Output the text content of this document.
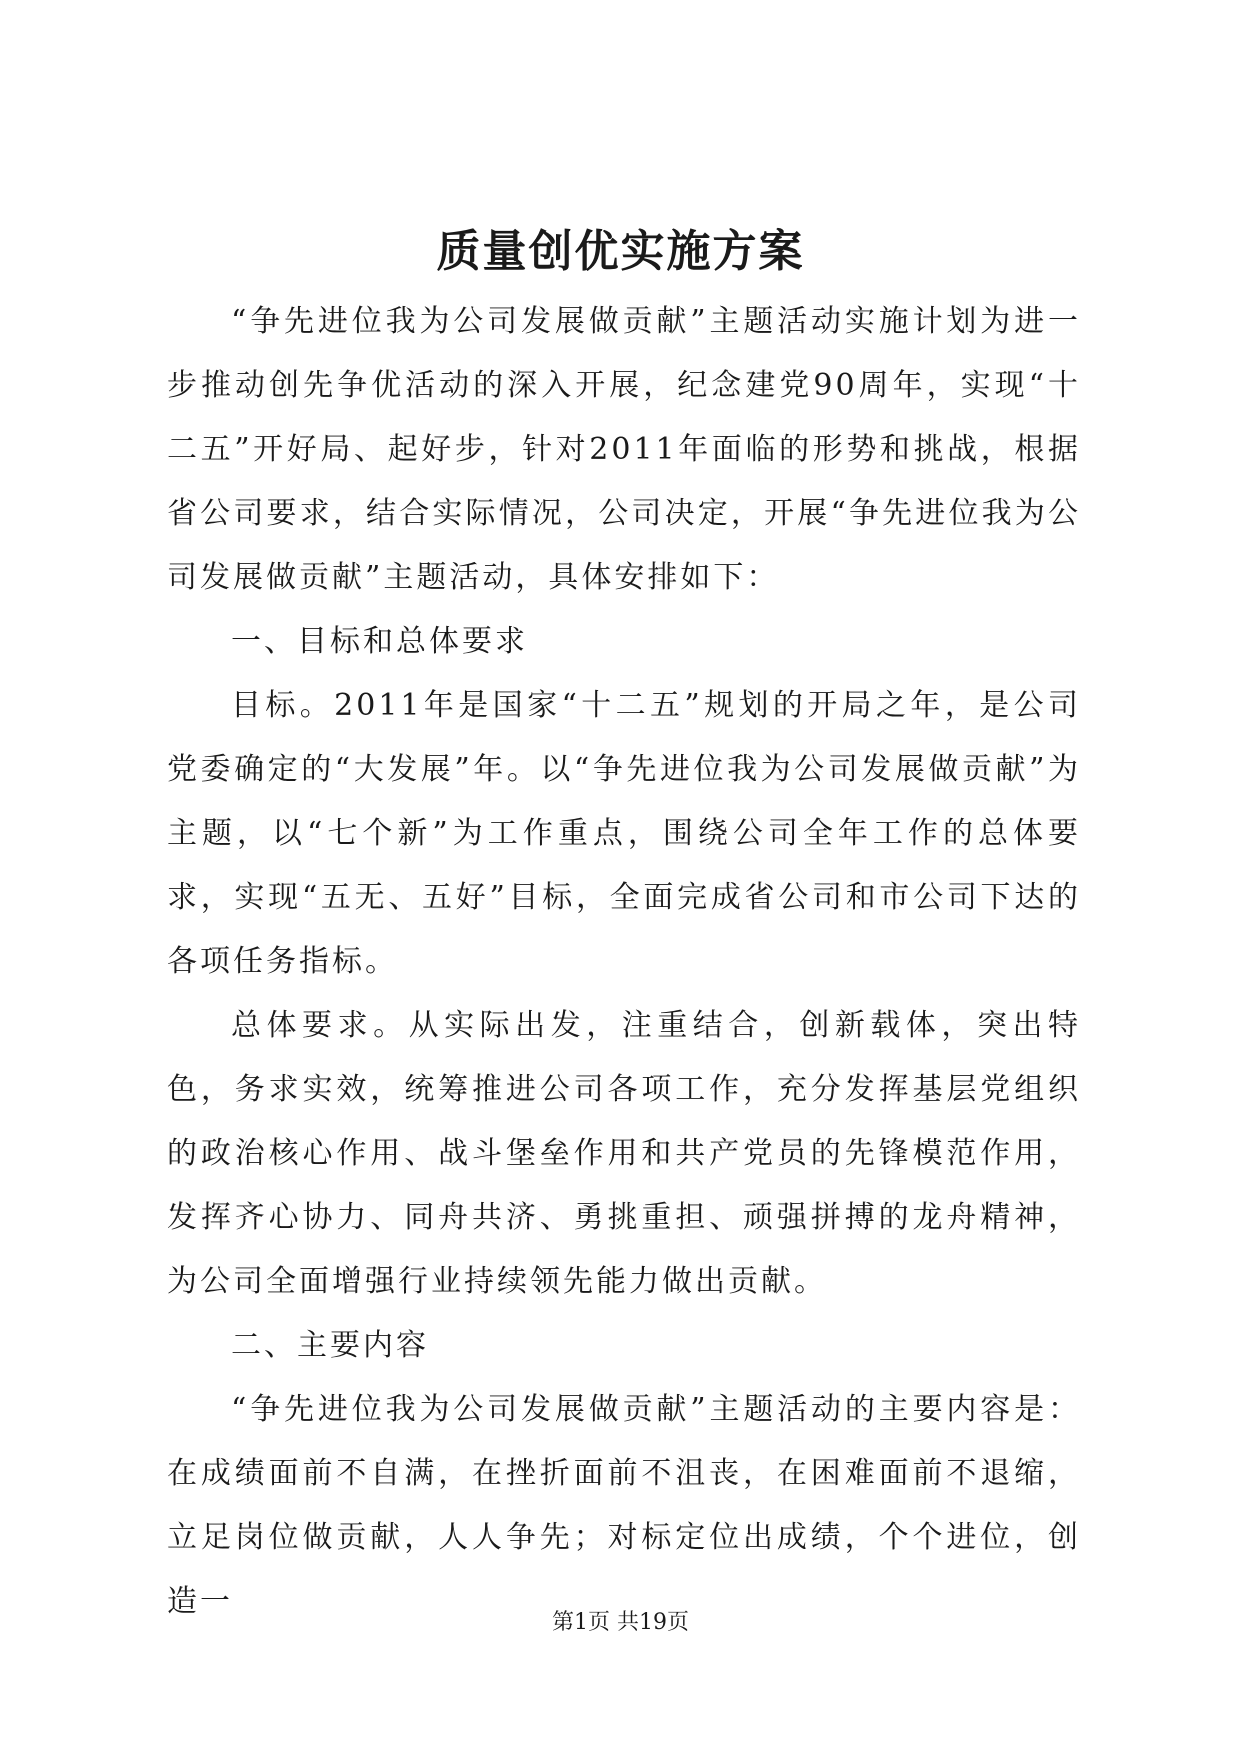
质量创优实施方案

“争先进位我为公司发展做贡献”主题活动实施计划为进一步推动创先争优活动的深入开展，纪念建党90周年，实现“十二五”开好局、起好步，针对2011年面临的形势和挑战，根据省公司要求，结合实际情况，公司决定，开展“争先进位我为公司发展做贡献”主题活动，具体安排如下：

一、目标和总体要求

目标。2011年是国家“十二五”规划的开局之年，是公司党委确定的“大发展”年。以“争先进位我为公司发展做贡献”为主题，以“七个新”为工作重点，围绕公司全年工作的总体要求，实现“五无、五好”目标，全面完成省公司和市公司下达的各项任务指标。

总体要求。从实际出发，注重结合，创新载体，突出特色，务求实效，统筹推进公司各项工作，充分发挥基层党组织的政治核心作用、战斗堡垒作用和共产党员的先锋模范作用，发挥齐心协力、同舟共济、勇挑重担、顽强拼搏的龙舟精神，为公司全面增强行业持续领先能力做出贡献。

二、主要内容

“争先进位我为公司发展做贡献”主题活动的主要内容是：在成绩面前不自满，在挫折面前不沮丧，在困难面前不退缩，立足岗位做贡献，人人争先；对标定位出成绩，个个进位，创造一

第1页 共19页
